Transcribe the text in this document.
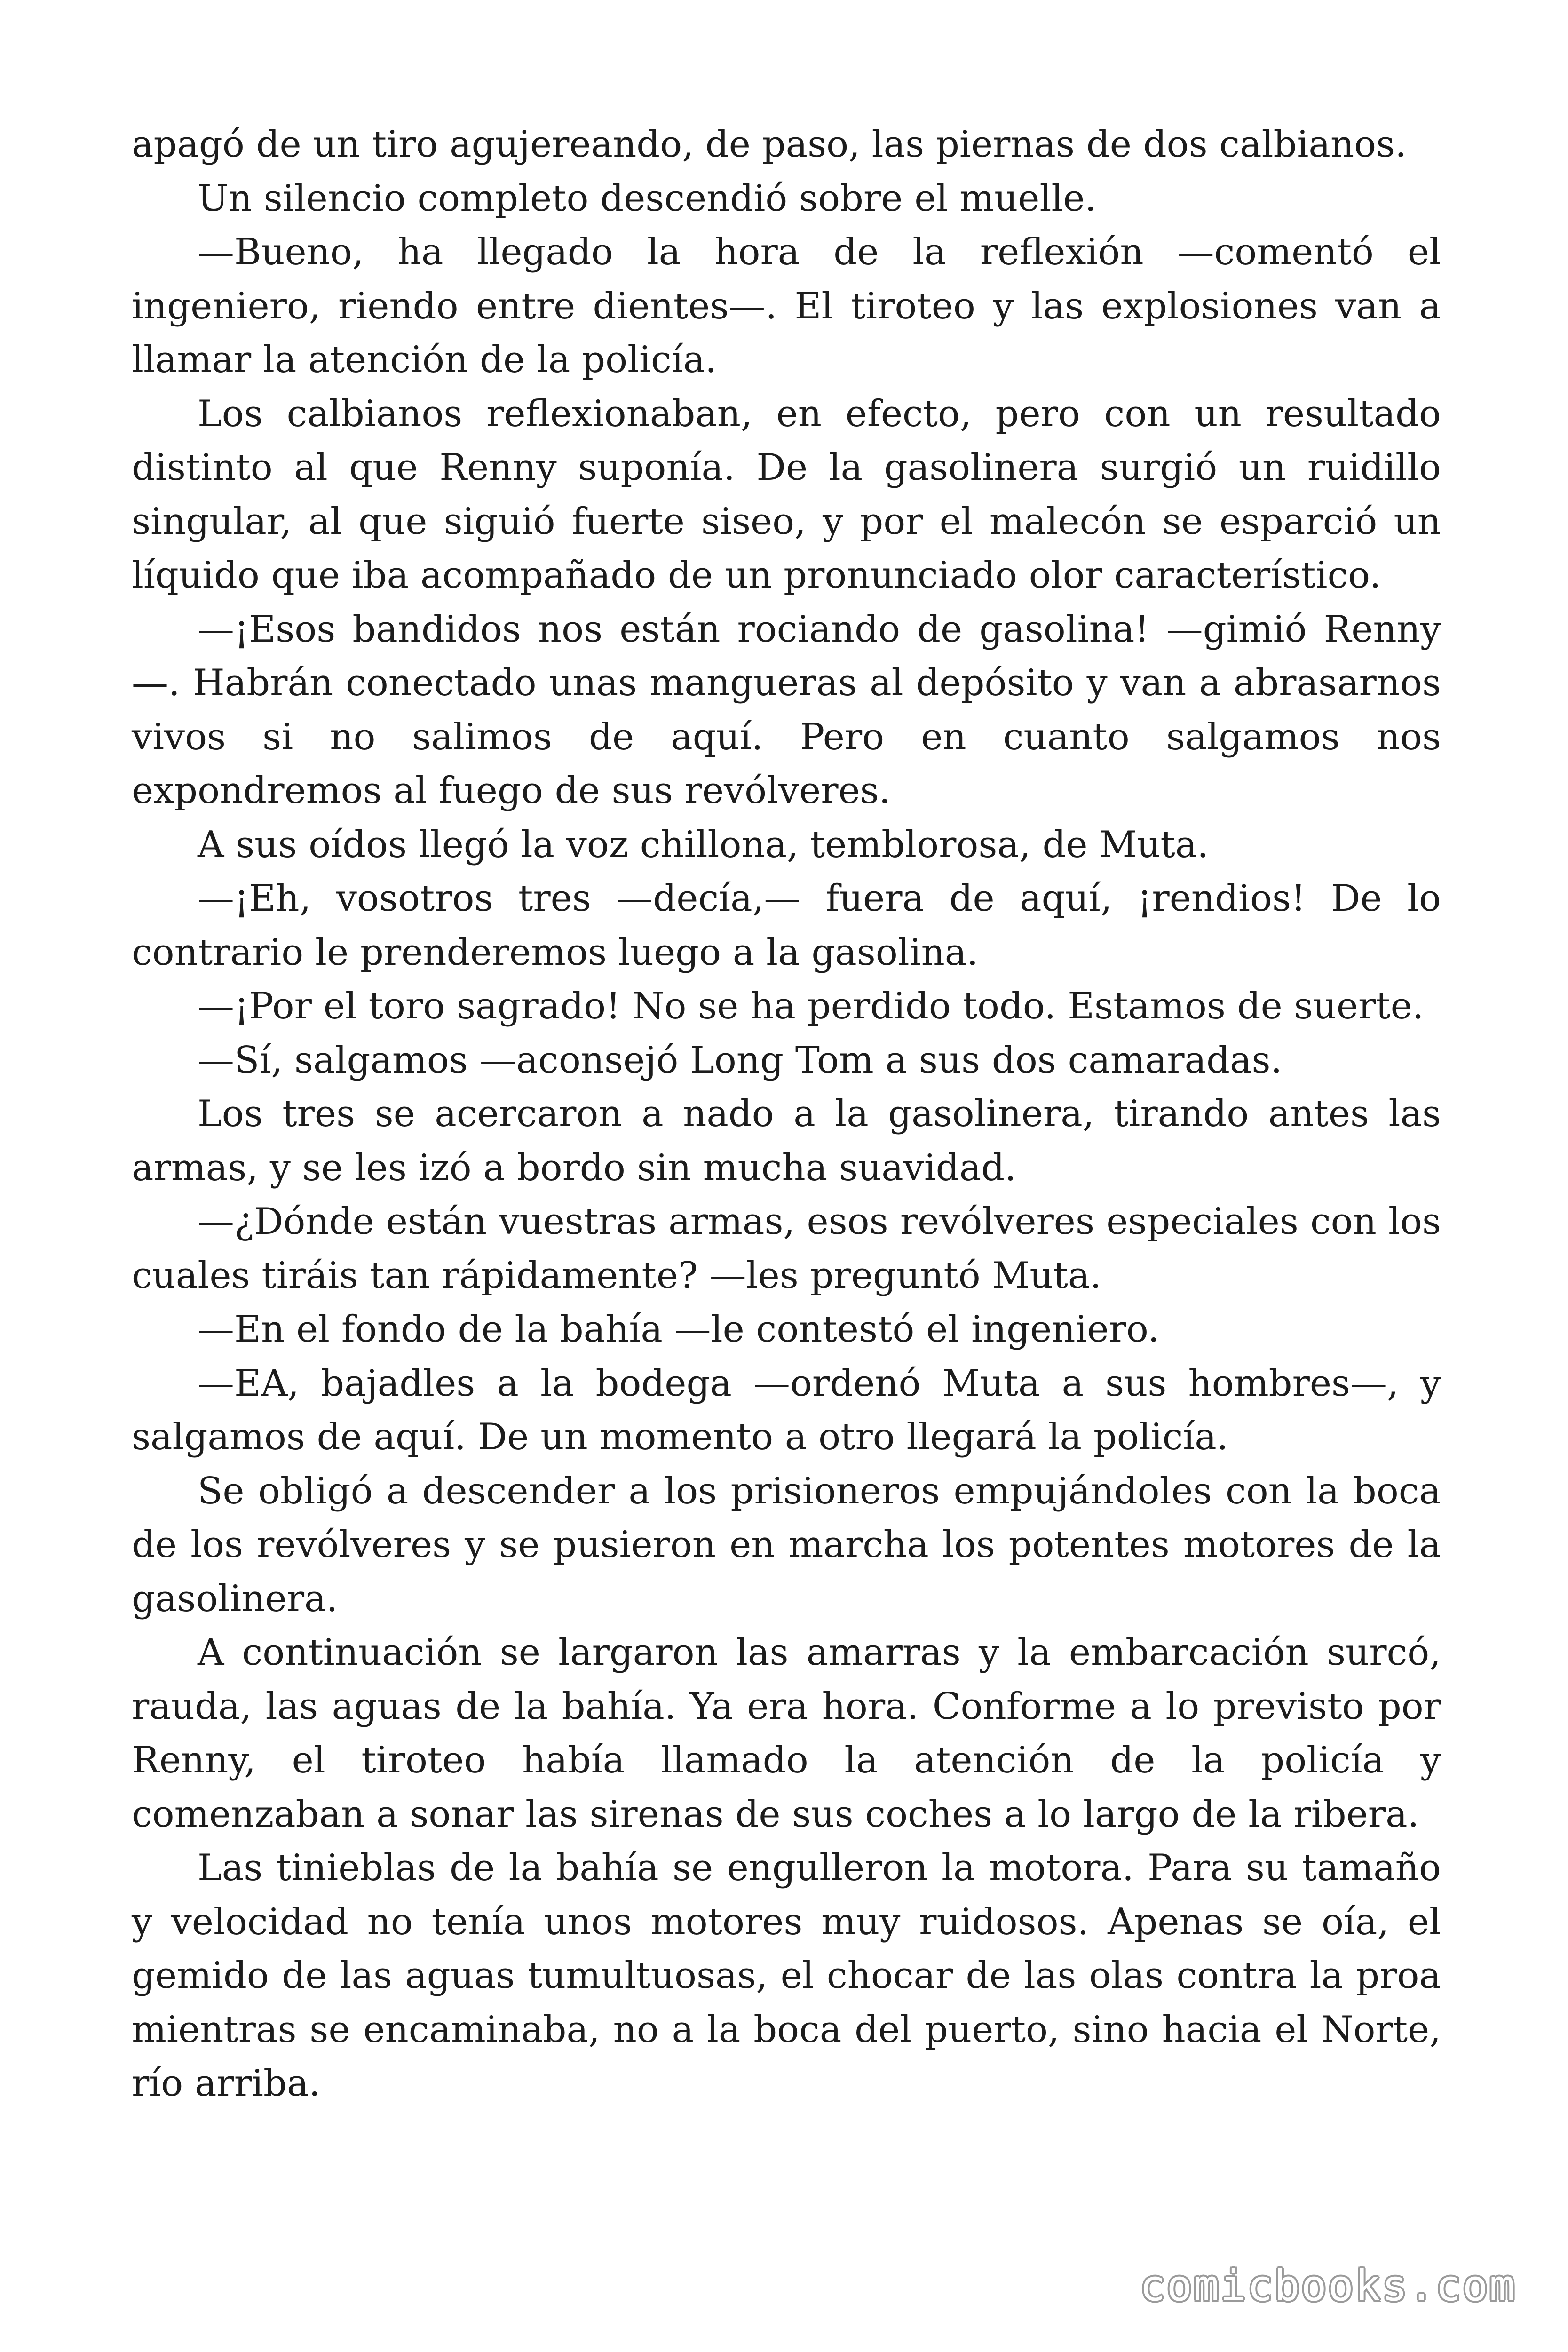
apagó de un tiro agujereando, de paso, las piernas de dos calbianos.

Un silencio completo descendió sobre el muelle.

—Bueno, ha llegado la hora de la reflexión —comentó el ingeniero, riendo entre dientes—. El tiroteo y las explosiones van a llamar la atención de la policía.

Los calbianos reflexionaban, en efecto, pero con un resultado distinto al que Renny suponía. De la gasolinera surgió un ruidillo singular, al que siguió fuerte siseo, y por el malecón se esparció un líquido que iba acompañado de un pronunciado olor característico.

—¡Esos bandidos nos están rociando de gasolina! —gimió Renny —. Habrán conectado unas mangueras al depósito y van a abrasarnos vivos si no salimos de aquí. Pero en cuanto salgamos nos expondremos al fuego de sus revólveres.

A sus oídos llegó la voz chillona, temblorosa, de Muta.

—¡Eh, vosotros tres —decía,— fuera de aquí, ¡rendios! De lo contrario le prenderemos luego a la gasolina.

—¡Por el toro sagrado! No se ha perdido todo. Estamos de suerte.

—Sí, salgamos —aconsejó Long Tom a sus dos camaradas.

Los tres se acercaron a nado a la gasolinera, tirando antes las armas, y se les izó a bordo sin mucha suavidad.

—¿Dónde están vuestras armas, esos revólveres especiales con los cuales tiráis tan rápidamente? —les preguntó Muta.

—En el fondo de la bahía —le contestó el ingeniero.

—EA, bajadles a la bodega —ordenó Muta a sus hombres—, y salgamos de aquí. De un momento a otro llegará la policía.

Se obligó a descender a los prisioneros empujándoles con la boca de los revólveres y se pusieron en marcha los potentes motores de la gasolinera.

A continuación se largaron las amarras y la embarcación surcó, rauda, las aguas de la bahía. Ya era hora. Conforme a lo previsto por Renny, el tiroteo había llamado la atención de la policía y comenzaban a sonar las sirenas de sus coches a lo largo de la ribera.

Las tinieblas de la bahía se engulleron la motora. Para su tamaño y velocidad no tenía unos motores muy ruidosos. Apenas se oía, el gemido de las aguas tumultuosas, el chocar de las olas contra la proa mientras se encaminaba, no a la boca del puerto, sino hacia el Norte, río arriba.

comicbooks.com
